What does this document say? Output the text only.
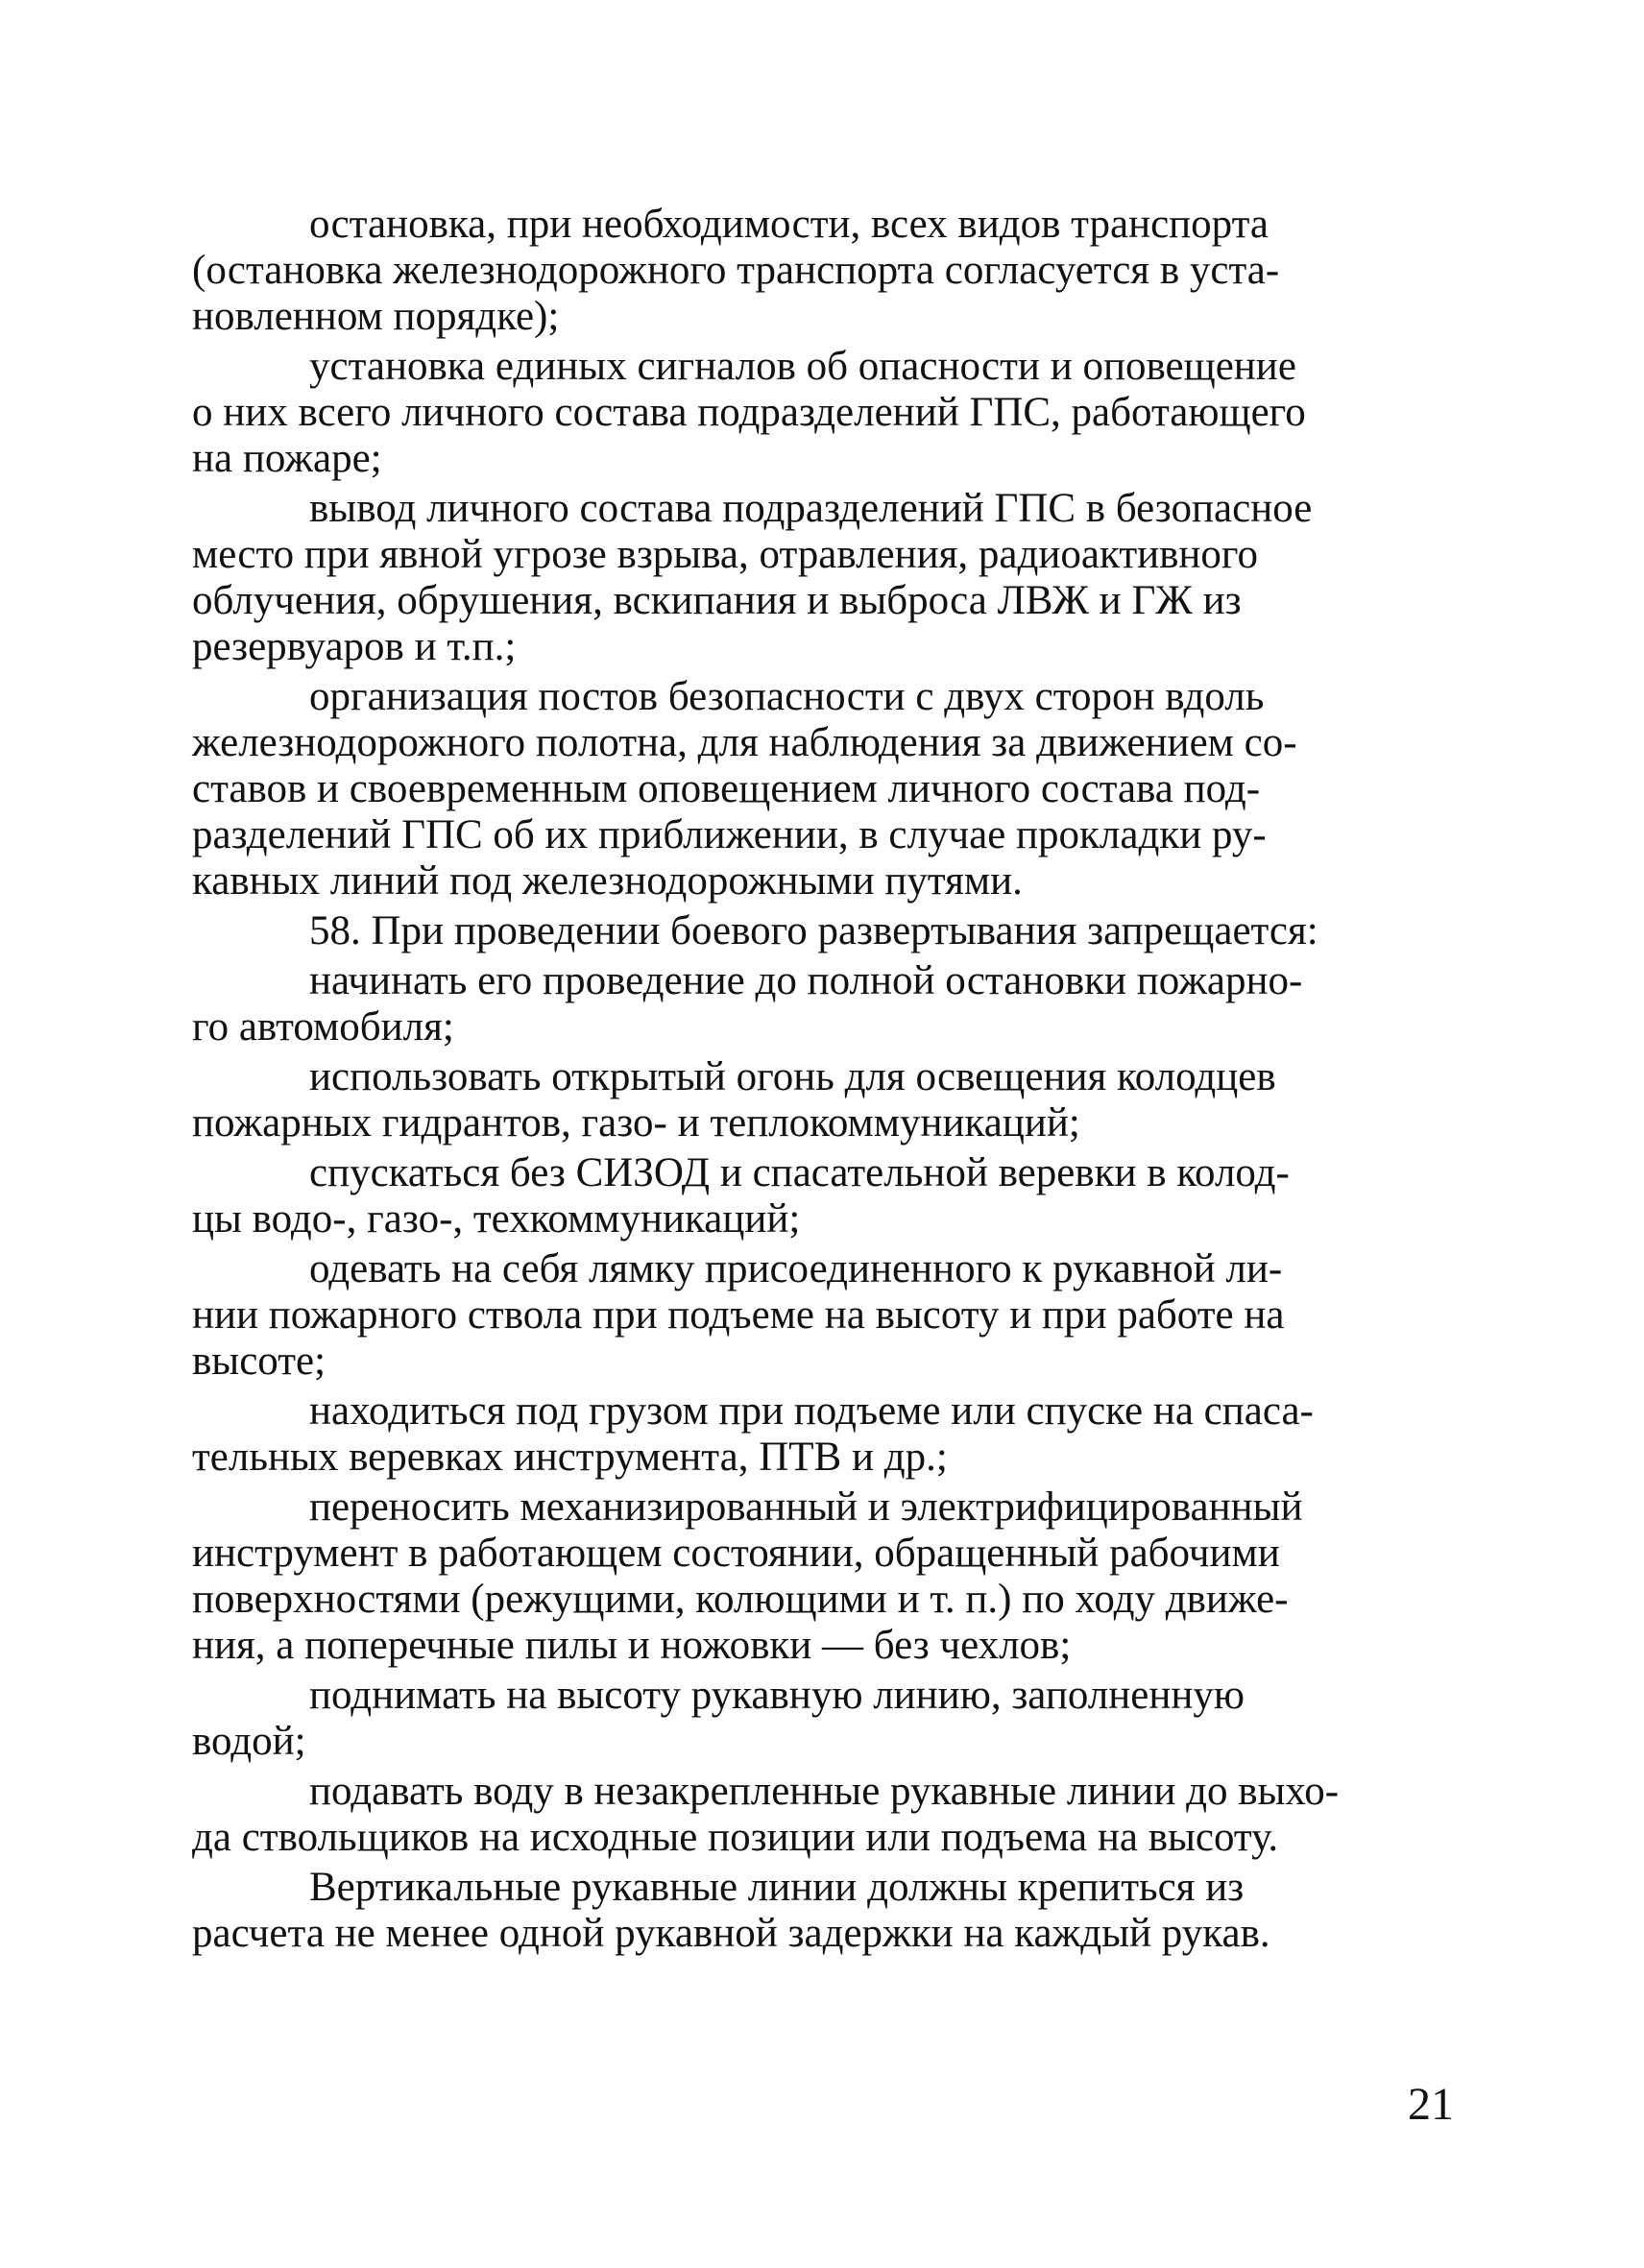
остановка, при необходимости, всех видов транспорта
(остановка железнодорожного транспорта согласуется в уста-
новленном порядке);

установка единых сигналов об опасности и оповещение
о них всего личного состава подразделений ГПС, работающего
на пожаре;

вывод личного состава подразделений ГПС в безопасное
место при явной угрозе взрыва, отравления, радиоактивного
облучения, обрушения, вскипания и выброса ЛВЖ и ГЖ из
резервуаров и т.п.;

организация постов безопасности с двух сторон вдоль
железнодорожного полотна, для наблюдения за движением со-
ставов и своевременным оповещением личного состава под-
разделений ГПС об их приближении, в случае прокладки ру-
кавных линий под железнодорожными путями.

58. При проведении боевого развертывания запрещается:

начинать его проведение до полной остановки пожарно-
го автомобиля;

использовать открытый огонь для освещения колодцев
пожарных гидрантов, газо- и теплокоммуникаций;

спускаться без СИЗОД и спасательной веревки в колод-
цы водо-, газо-, техкоммуникаций;

одевать на себя лямку присоединенного к рукавной ли-
нии пожарного ствола при подъеме на высоту и при работе на
высоте;

находиться под грузом при подъеме или спуске на спаса-
тельных веревках инструмента, ПТВ и др.;

переносить механизированный и электрифицированный
инструмент в работающем состоянии, обращенный рабочими
поверхностями (режущими, колющими и т. п.) по ходу движе-
ния, а поперечные пилы и ножовки — без чехлов;

поднимать на высоту рукавную линию, заполненную
водой;

подавать воду в незакрепленные рукавные линии до выхо-
да ствольщиков на исходные позиции или подъема на высоту.

Вертикальные рукавные линии должны крепиться из
расчета не менее одной рукавной задержки на каждый рукав.

21
